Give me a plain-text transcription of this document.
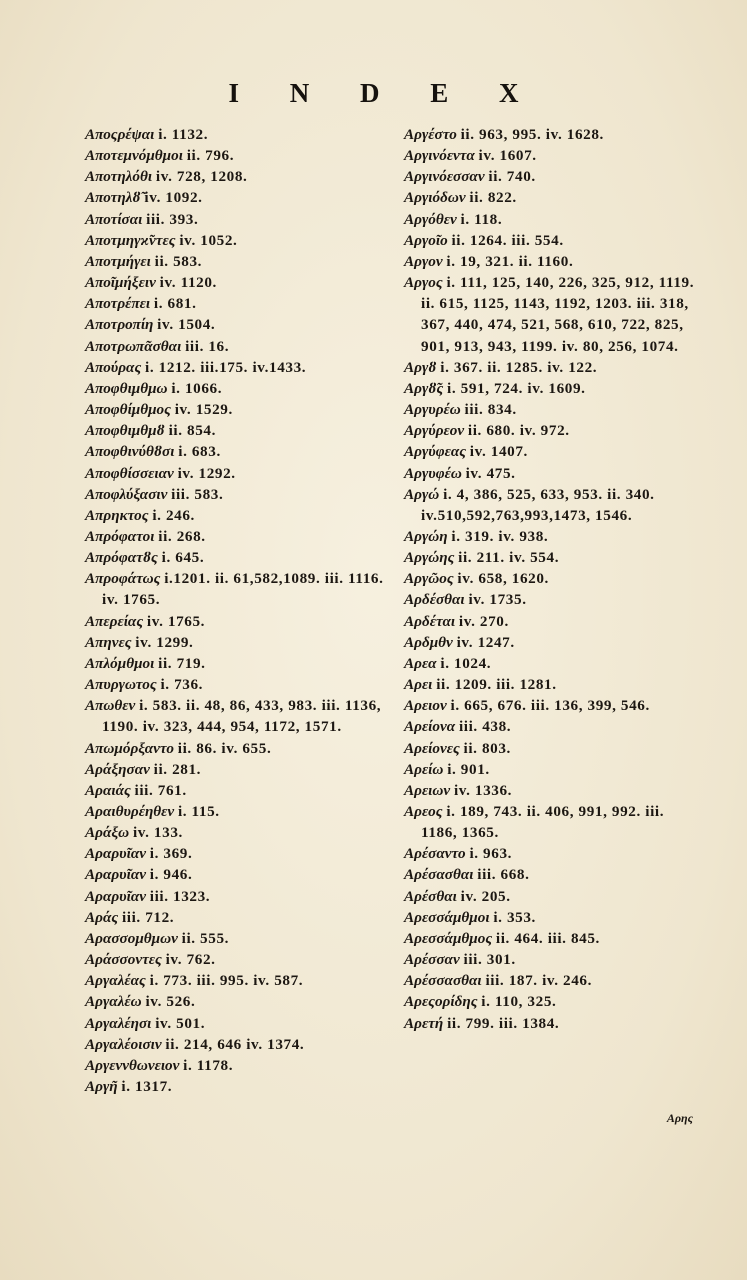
I N D E X
Αποςρέψαι i. 1132.
Αποτεμνόμθμοι ii. 796.
Αποτηλόθι iv. 728, 1208.
Αποτηλȣ̃ iv. 1092.
Αποτίσαι iii. 393.
Αποτμηγϰ̃ντες iv. 1052.
Αποτμήγει ii. 583.
Αποῖμήξειν iv. 1120.
Αποτρέπει i. 681.
Αποτροπίη iv. 1504.
Αποτρωπᾶσθαι iii. 16.
Απούρας i. 1212. iii.175. iv.1433.
Αποφθιμθμω i. 1066.
Αποφθίμθμος iv. 1529.
Αποφθιμθμȣ ii. 854.
Αποφθινύθȣσι i. 683.
Αποφθίσσειαν iv. 1292.
Αποφλύξασιν iii. 583.
Απρηκτος i. 246.
Απρόφατοι ii. 268.
Απρόφατȣς i. 645.
Απροφάτως i.1201. ii. 61,582,1089. iii. 1116. iv. 1765.
Απερείας iv. 1765.
Απηνες iv. 1299.
Απλόμθμοι ii. 719.
Απυργωτος i. 736.
Απωθεν i. 583. ii. 48, 86, 433, 983. iii. 1136, 1190. iv. 323, 444, 954, 1172, 1571.
Απωμόρξαντο ii. 86. iv. 655.
Αράξησαν ii. 281.
Αραιάς iii. 761.
Αραιθυρέηθεν i. 115.
Αράξω iv. 133.
Αραρυῖαν i. 369.
Αραρυῖαν i. 946.
Αραρυῖαν iii. 1323.
Αράς iii. 712.
Αρασσομθμων ii. 555.
Αράσσοντες iv. 762.
Αργαλέας i. 773. iii. 995. iv. 587.
Αργαλέω iv. 526.
Αργαλέησι iv. 501.
Αργαλέοισιν ii. 214, 646 iv. 1374.
Αργεννθωνειον i. 1178.
Αργῆ i. 1317.
Αργέστο ii. 963, 995. iv. 1628.
Αργινόεντα iv. 1607.
Αργινόεσσαν ii. 740.
Αργιόδων ii. 822.
Αργόθεν i. 118.
Αργοῖο ii. 1264. iii. 554.
Αργον i. 19, 321. ii. 1160.
Αργος i. 111, 125, 140, 226, 325, 912, 1119. ii. 615, 1125, 1143, 1192, 1203. iii. 318, 367, 440, 474, 521, 568, 610, 722, 825, 901, 913, 943, 1199. iv. 80, 256, 1074.
Αργȣ i. 367. ii. 1285. iv. 122.
Αργȣ̃ς i. 591, 724. iv. 1609.
Αργυρέω iii. 834.
Αργύρεον ii. 680. iv. 972.
Αργύφεας iv. 1407.
Αργυφέω iv. 475.
Αργώ i. 4, 386, 525, 633, 953. ii. 340. iv.510,592,763,993,1473, 1546.
Αργώη i. 319. iv. 938.
Αργώης ii. 211. iv. 554.
Αργῶος iv. 658, 1620.
Αρδέσθαι iv. 1735.
Αρδέται iv. 270.
Αρδμθν iv. 1247.
Αρεα i. 1024.
Αρει ii. 1209. iii. 1281.
Αρειον i. 665, 676. iii. 136, 399, 546.
Αρείονα iii. 438.
Αρείονες ii. 803.
Αρείω i. 901.
Αρειων iv. 1336.
Αρεος i. 189, 743. ii. 406, 991, 992. iii. 1186, 1365.
Αρέσαντο i. 963.
Αρέσασθαι iii. 668.
Αρέσθαι iv. 205.
Αρεσσάμθμοι i. 353.
Αρεσσάμθμος ii. 464. iii. 845.
Αρέσσαν iii. 301.
Αρέσσασθαι iii. 187. iv. 246.
Αρεςορίδης i. 110, 325.
Αρετή ii. 799. iii. 1384.
Αρης
